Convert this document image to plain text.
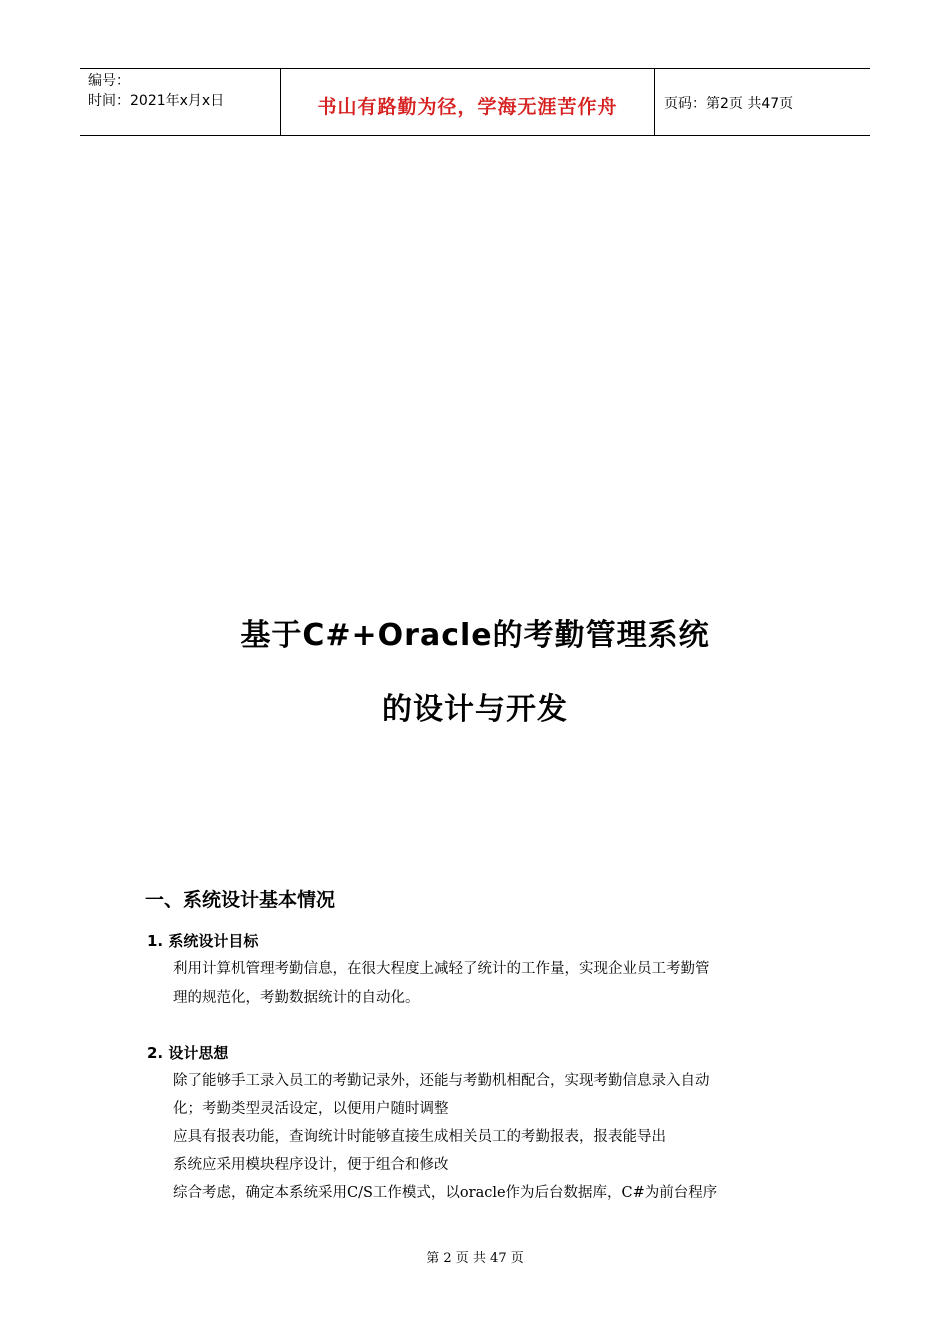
编号：
时间：2021年x月x日	书山有路勤为径，学海无涯苦作舟	页码：第2页 共47页
基于C#+Oracle的考勤管理系统
的设计与开发
一、系统设计基本情况
1. 系统设计目标
利用计算机管理考勤信息，在很大程度上减轻了统计的工作量，实现企业员工考勤管
理的规范化，考勤数据统计的自动化。
2. 设计思想
除了能够手工录入员工的考勤记录外，还能与考勤机相配合，实现考勤信息录入自动
化；考勤类型灵活设定，以便用户随时调整
应具有报表功能，查询统计时能够直接生成相关员工的考勤报表，报表能导出
系统应采用模块程序设计，便于组合和修改
综合考虑，确定本系统采用C/S工作模式，以oracle作为后台数据库，C#为前台程序
第 2 页 共 47 页
